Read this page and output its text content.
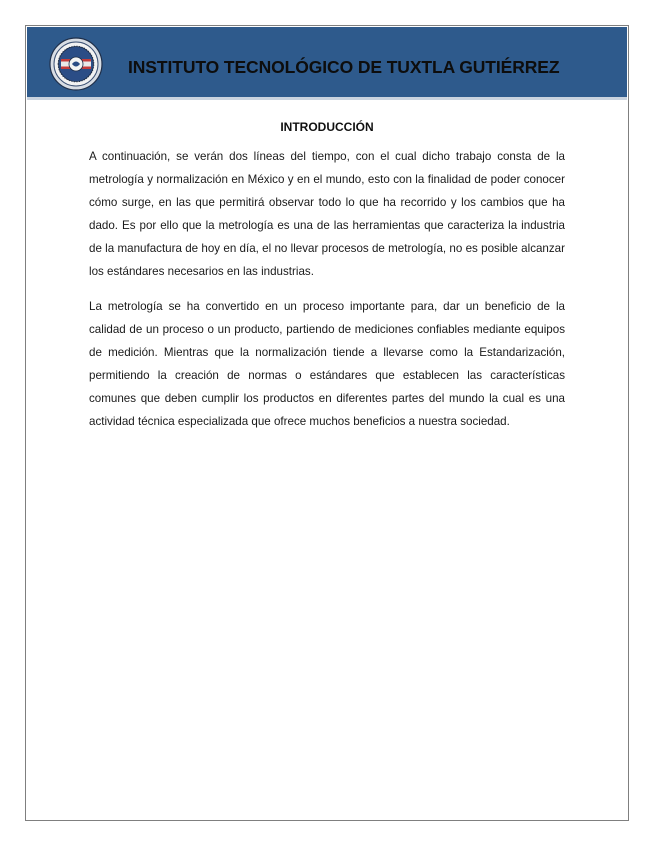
INSTITUTO TECNOLÓGICO DE TUXTLA GUTIÉRREZ
INTRODUCCIÓN

A continuación, se verán dos líneas del tiempo, con el cual dicho trabajo consta de la metrología y normalización en México y en el mundo, esto con la finalidad de poder conocer cómo surge, en las que permitirá observar todo lo que ha recorrido y los cambios que ha dado. Es por ello que la metrología es una de las herramientas que caracteriza la industria de la manufactura de hoy en día, el no llevar procesos de metrología, no es posible alcanzar los estándares necesarios en las industrias.

La metrología se ha convertido en un proceso importante para, dar un beneficio de la calidad de un proceso o un producto, partiendo de mediciones confiables mediante equipos de medición. Mientras que la normalización tiende a llevarse como la Estandarización, permitiendo la creación de normas o estándares que establecen las características comunes que deben cumplir los productos en diferentes partes del mundo la cual es una actividad técnica especializada que ofrece muchos beneficios a nuestra sociedad.
